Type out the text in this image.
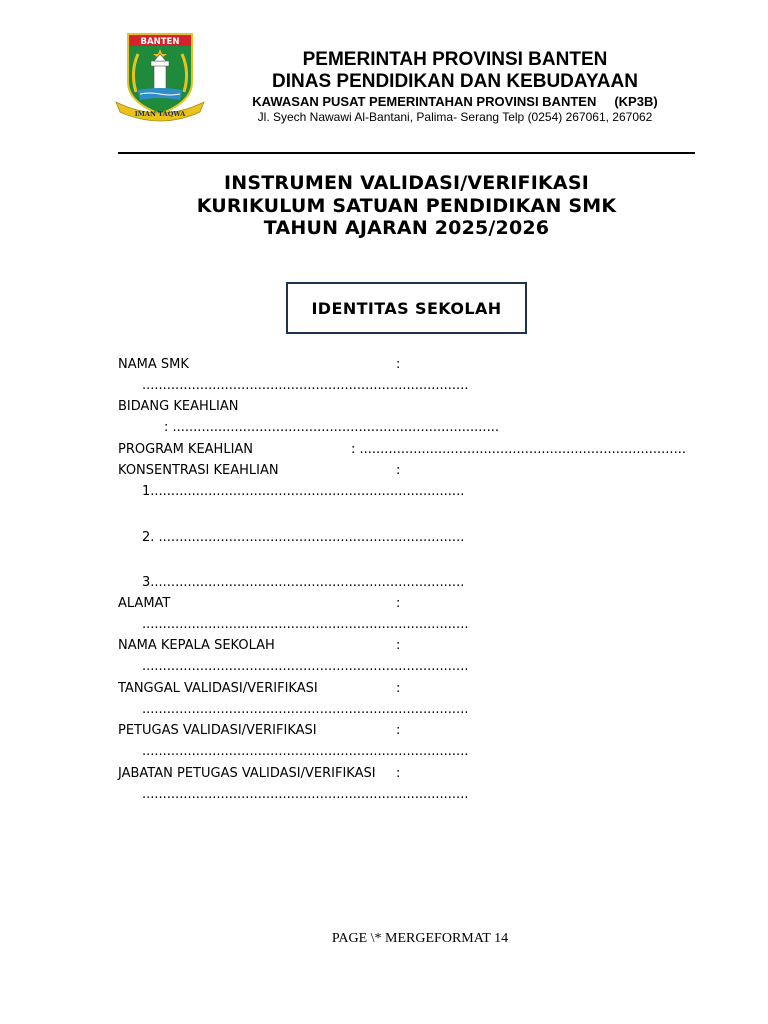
BANTEN
IMAN TAQWA
PEMERINTAH PROVINSI BANTEN
DINAS PENDIDIKAN DAN KEBUDAYAAN
KAWASAN PUSAT PEMERINTAHAN PROVINSI BANTEN (KP3B)
Jl. Syech Nawawi Al-Bantani, Palima- Serang Telp (0254) 267061, 267062
INSTRUMEN VALIDASI/VERIFIKASI
KURIKULUM SATUAN PENDIDIKAN SMK
TAHUN AJARAN 2025/2026
IDENTITAS SEKOLAH
NAMA SMK	:
...............................................................................
BIDANG KEAHLIAN
: ...............................................................................
PROGRAM KEAHLIAN	: ...............................................................................
KONSENTRASI KEAHLIAN	:
1............................................................................
2. ..........................................................................
3............................................................................
ALAMAT	:
...............................................................................
NAMA KEPALA SEKOLAH	:
...............................................................................
TANGGAL VALIDASI/VERIFIKASI	:
...............................................................................
PETUGAS VALIDASI/VERIFIKASI	:
...............................................................................
JABATAN PETUGAS VALIDASI/VERIFIKASI :
...............................................................................
PAGE \* MERGEFORMAT 14
